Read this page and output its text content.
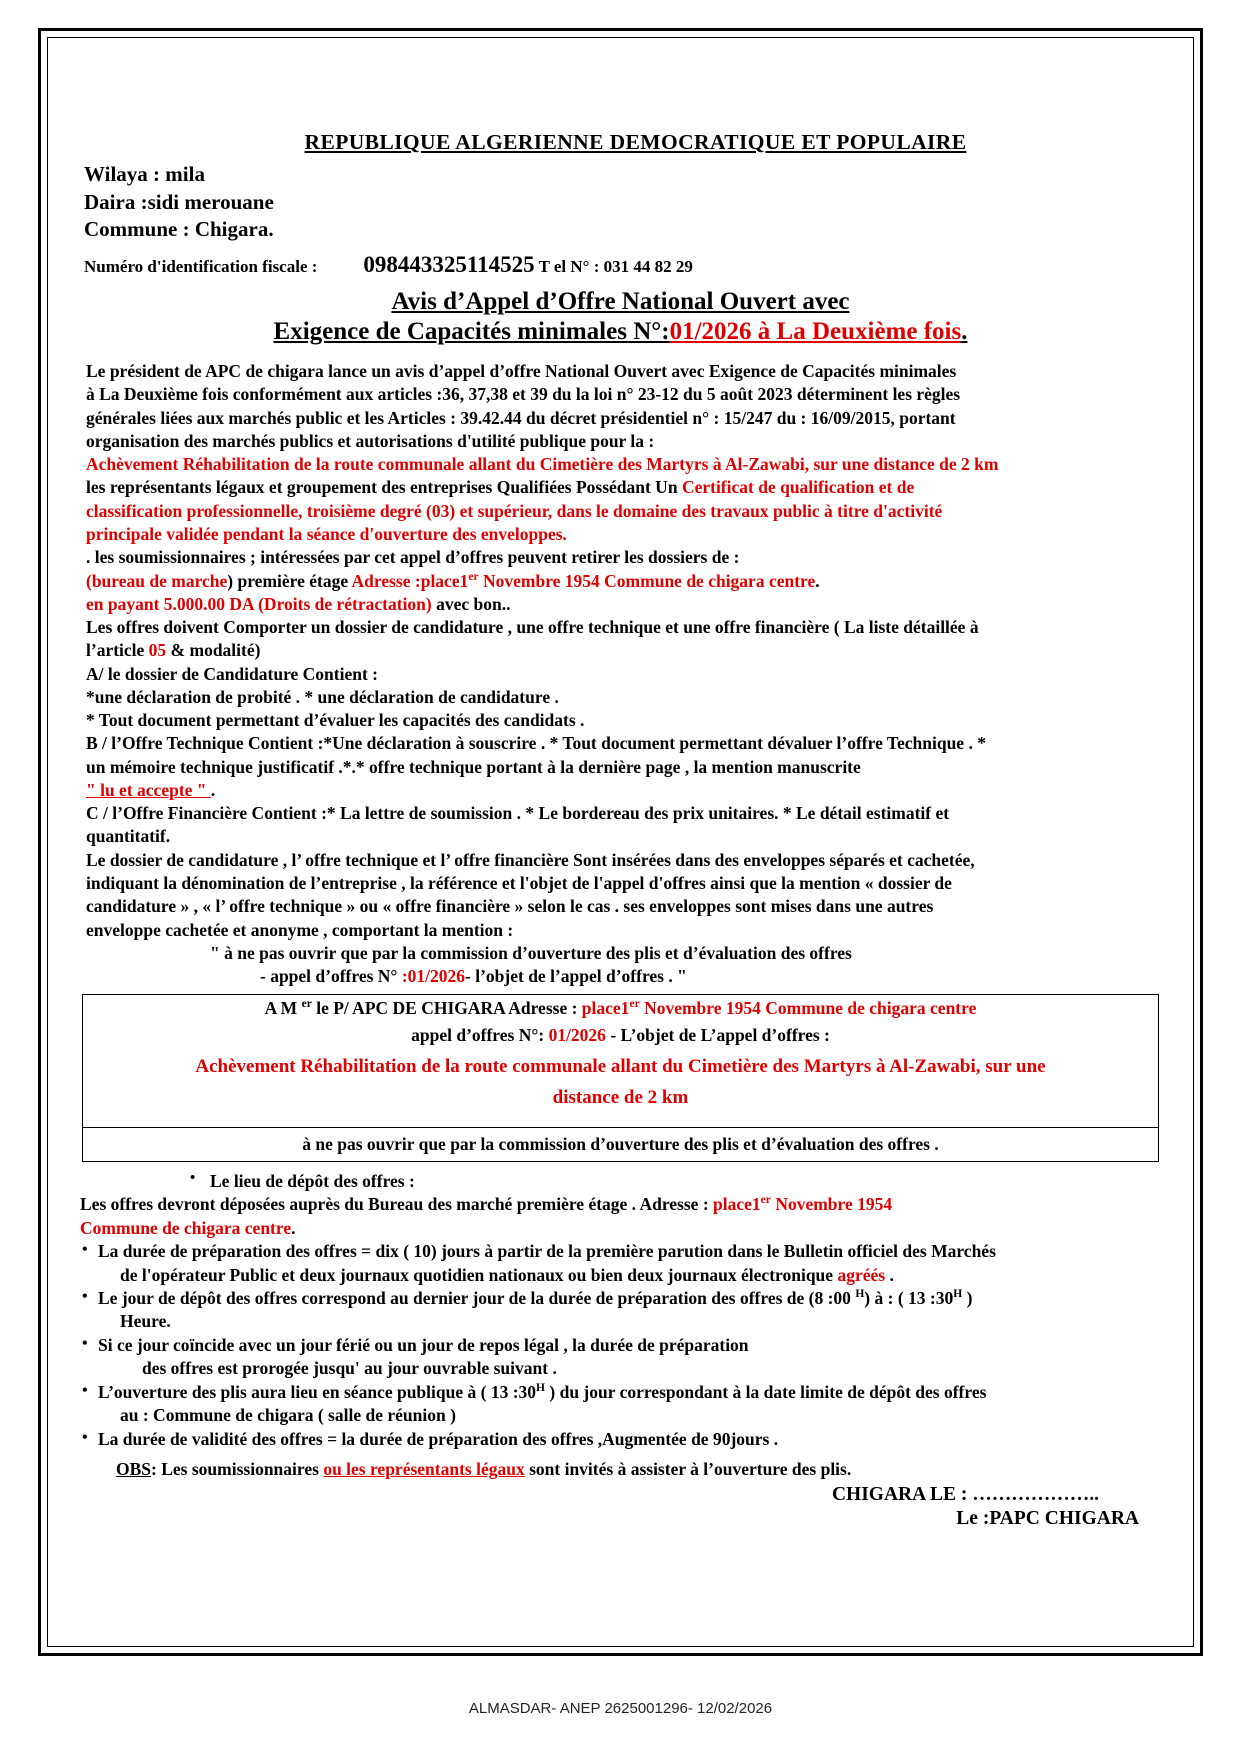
REPUBLIQUE ALGERIENNE DEMOCRATIQUE ET POPULAIRE
Wilaya : mila
Daira :sidi merouane
Commune : Chigara.
Numéro d'identification fiscale : 098443325114525 T el N° : 031 44 82 29
Avis d’Appel d’Offre National Ouvert avec
Exigence de Capacités minimales N°:01/2026 à La Deuxième fois.

Le président de APC de chigara lance un avis d’appel d’offre National Ouvert avec Exigence de Capacités minimales

à La Deuxième fois conformément aux articles :36, 37,38 et 39 du la loi n° 23-12 du 5 août 2023 déterminent les règles

générales liées aux marchés public et les Articles : 39.42.44 du décret présidentiel n° : 15/247 du : 16/09/2015, portant

organisation des marchés publics et autorisations d'utilité publique pour la :

Achèvement Réhabilitation de la route communale allant du Cimetière des Martyrs à Al-Zawabi, sur une distance de 2 km

les représentants légaux et groupement des entreprises Qualifiées Possédant Un Certificat de qualification et de

classification professionnelle, troisième degré (03) et supérieur, dans le domaine des travaux public à titre d'activité

principale validée pendant la séance d'ouverture des enveloppes.

. les soumissionnaires ; intéressées par cet appel d’offres peuvent retirer les dossiers de :

(bureau de marche) première étage Adresse :place1er Novembre 1954 Commune de chigara centre.

en payant 5.000.00 DA (Droits de rétractation) avec bon..

Les offres doivent Comporter un dossier de candidature , une offre technique et une offre financière ( La liste détaillée à

l’article 05 & modalité)

A/ le dossier de Candidature Contient :

*une déclaration de probité . * une déclaration de candidature .

* Tout document permettant d’évaluer les capacités des candidats .

B / l’Offre Technique Contient :*Une déclaration à souscrire . * Tout document permettant dévaluer l’offre Technique . *

un mémoire technique justificatif .*.* offre technique portant à la dernière page , la mention manuscrite

" lu et accepte " .

C / l’Offre Financière Contient :* La lettre de soumission . * Le bordereau des prix unitaires. * Le détail estimatif et

quantitatif.

Le dossier de candidature , l’ offre technique et l’ offre financière Sont insérées dans des enveloppes séparés et cachetée,

indiquant la dénomination de l’entreprise , la référence et l'objet de l'appel d'offres ainsi que la mention « dossier de

candidature » , « l’ offre technique » ou « offre financière » selon le cas . ses enveloppes sont mises dans une autres

enveloppe cachetée et anonyme , comportant la mention :

" à ne pas ouvrir que par la commission d’ouverture des plis et d’évaluation des offres

- appel d’offres N° :01/2026- l’objet de l’appel d’offres . "

A M $^{er}$ le P/ APC DE CHIGARA Adresse : place1er Novembre 1954 Commune de chigara centre
appel d’offres N°: 01/2026 - L’objet de L’appel d’offres :
Achèvement Réhabilitation de la route communale allant du Cimetière des Martyrs à Al-Zawabi, sur une
distance de 2 km
à ne pas ouvrir que par la commission d’ouverture des plis et d’évaluation des offres .

• Le lieu de dépôt des offres :

Les offres devront déposées auprès du Bureau des marché première étage . Adresse : place1er Novembre 1954

Commune de chigara centre.

• La durée de préparation des offres = dix ( 10) jours à partir de la première parution dans le Bulletin officiel des Marchés

de l'opérateur Public et deux journaux quotidien nationaux ou bien deux journaux électronique agréés .

• Le jour de dépôt des offres correspond au dernier jour de la durée de préparation des offres de (8 :00 $^H$) à : ( 13 $:30^H$ )

Heure.

• Si ce jour coïncide avec un jour férié ou un jour de repos légal , la durée de préparation

des offres est prorogée jusqu' au jour ouvrable suivant .

• L’ouverture des plis aura lieu en séance publique à ( 13 $:30^H$ ) du jour correspondant à la date limite de dépôt des offres

au : Commune de chigara ( salle de réunion )

• La durée de validité des offres = la durée de préparation des offres ,Augmentée de 90jours .

OBS: Les soumissionnaires ou les représentants légaux sont invités à assister à l’ouverture des plis.
CHIGARA LE : ………………..
Le :PAPC CHIGARA
ALMASDAR- ANEP 2625001296- 12/02/2026
